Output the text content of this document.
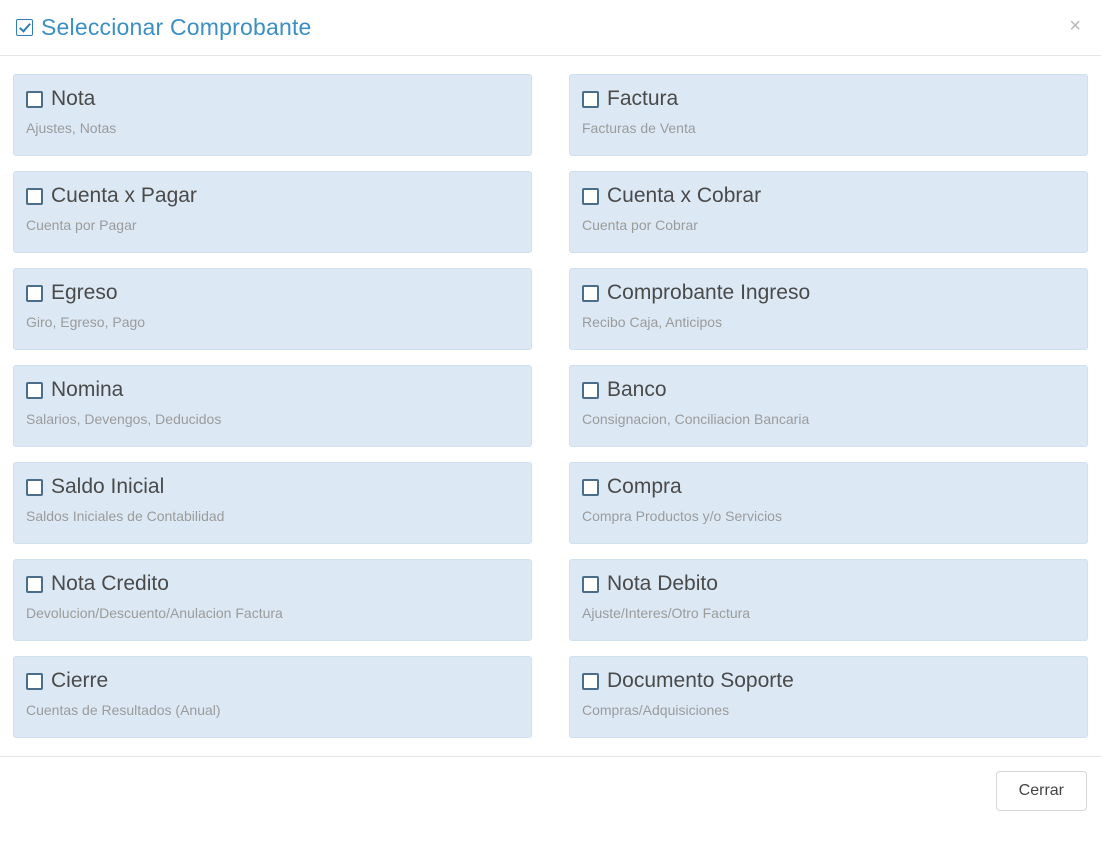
Seleccionar Comprobante	×
Nota
Ajustes, Notas
Factura
Facturas de Venta
Cuenta x Pagar
Cuenta por Pagar
Cuenta x Cobrar
Cuenta por Cobrar
Egreso
Giro, Egreso, Pago
Comprobante Ingreso
Recibo Caja, Anticipos
Nomina
Salarios, Devengos, Deducidos
Banco
Consignacion, Conciliacion Bancaria
Saldo Inicial
Saldos Iniciales de Contabilidad
Compra
Compra Productos y/o Servicios
Nota Credito
Devolucion/Descuento/Anulacion Factura
Nota Debito
Ajuste/Interes/Otro Factura
Cierre
Cuentas de Resultados (Anual)
Documento Soporte
Compras/Adquisiciones
Cerrar
